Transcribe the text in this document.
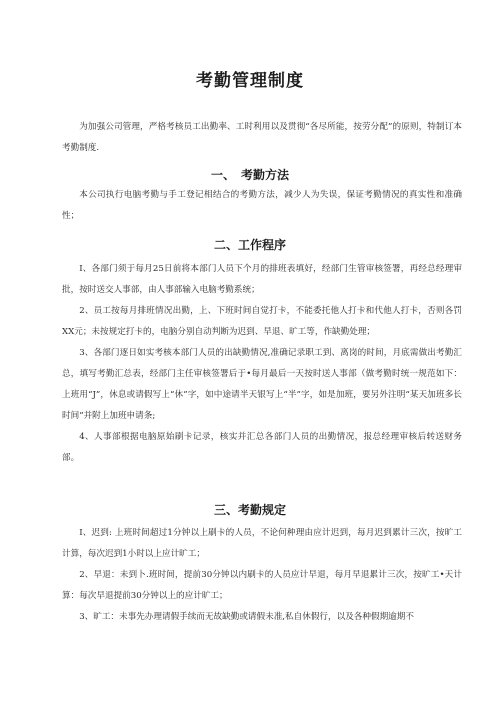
考勤管理制度

为加强公司管理，严格考核员工出勤率、工时利用以及贯彻“各尽所能，按劳分配”的原则，特制订本考勤制度.

一、　考勤方法

本公司执行电脑考勤与手工登记相结合的考勤方法，减少人为失误，保证考勤情况的真实性和准确性；

二、工作程序

I、各部门须于每月25日前将本部门人员下个月的排班表填好，经部门生管审核签署，再经总经理审批，按时送交人事部，由人事部输入电脑考勤系统；

2、员工按每月排班情况出勤，上、下班时间自觉打卡，不能委托他人打卡和代他人打卡，否则各罚XX元；未按规定打卡的，电脑分别自动判断为迟到、早退、旷工等，作缺勤处理；

3、各部门逐日如实考核本部门人员的出缺勤情况,准确记录职工到、离岗的时间，月底需做出考勤汇总，填写考勤汇总表，经部门主任审核签署后于•每月最后一天按时送人事部（做考勤时统一规范如下：上班用“J”，休息或请假写上“休”字，如中途请半天银写上“半”字，如是加班，要另外注明“某天加班多长时间”并附上加班申请条;

4、人事部根据电脑原始刷卡记录，核实并汇总各部门人员的出勤情况，报总经理审核后转送财务部。

三、考勤规定

I、迟到: 上班时间超过1分钟以上刷卡的人员，不论何种理由应计迟到，每月迟到累计三次，按旷工计算，每次迟到1小时以上应计旷工；

2、早退：未到卜.班时间，提前30分钟以内刷卡的人员应计早退，每月早退累计三次，按旷工•天计算：每次早退提前30分钟以上的应计旷工；

3、旷工：未事先办理请假手续而无故缺勤或请假未准,私自休假行，以及各种假期逾期不
